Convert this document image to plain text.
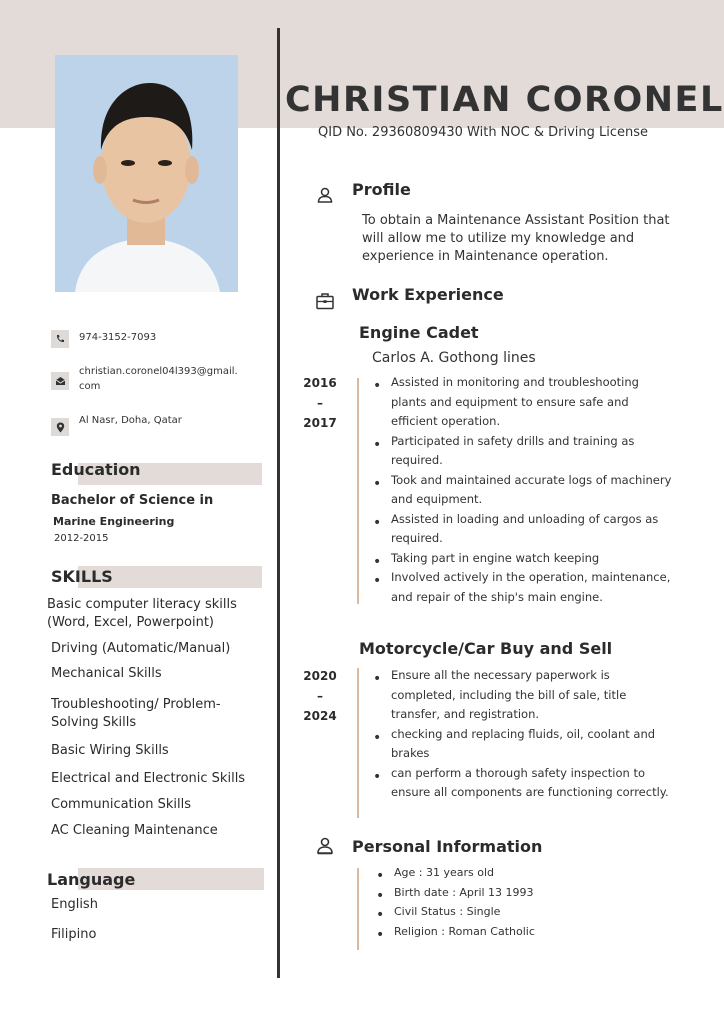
CHRISTIAN CORONEL
QID No. 29360809430 With NOC & Driving License
974-3152-7093
christian.coronel04l393@gmail. com
Al Nasr, Doha, Qatar
Education
Bachelor of Science in
Marine Engineering
2012-2015
SKILLS
Basic computer literacy skills (Word, Excel, Powerpoint)
Driving (Automatic/Manual)
Mechanical Skills
Troubleshooting/ Problem-Solving Skills
Basic Wiring Skills
Electrical and Electronic Skills
Communication Skills
AC Cleaning Maintenance
Language
English
Filipino
Profile
To obtain a Maintenance Assistant Position that will allow me to utilize my knowledge and experience in Maintenance operation.
Work Experience
Engine Cadet
Carlos A. Gothong lines
2016
–
2017
• Assisted in monitoring and troubleshooting plants and equipment to ensure safe and efficient operation.
• Participated in safety drills and training as required.
• Took and maintained accurate logs of machinery and equipment.
• Assisted in loading and unloading of cargos as required.
• Taking part in engine watch keeping
• Involved actively in the operation, maintenance, and repair of the ship's main engine.
Motorcycle/Car Buy and Sell
2020
–
2024
• Ensure all the necessary paperwork is completed, including the bill of sale, title transfer, and registration.
• checking and replacing fluids, oil, coolant and brakes
• can perform a thorough safety inspection to ensure all components are functioning correctly.
Personal Information
• Age : 31 years old
• Birth date : April 13 1993
• Civil Status : Single
• Religion : Roman Catholic
